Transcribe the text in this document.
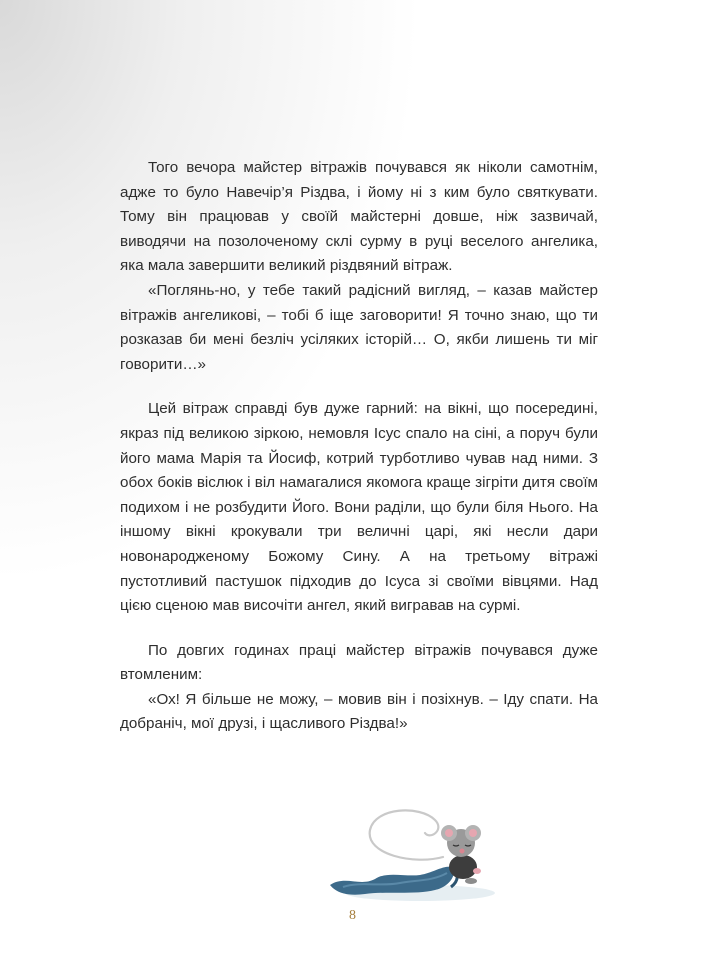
Того вечора майстер вітражів почувався як ніколи самотнім, адже то було Навечір’я Різдва, і йому ні з ким було святкувати. Тому він працював у своїй майстерні довше, ніж зазвичай, виводячи на позолоченому склі сурму в руці веселого ангелика, яка мала завершити великий різдвяний вітраж.

«Поглянь-но, у тебе такий радісний вигляд, – казав майстер вітражів ангеликові, – тобі б іще заговорити! Я точно знаю, що ти розказав би мені безліч усіляких історій… О, якби лишень ти міг говорити…»

Цей вітраж справді був дуже гарний: на вікні, що посередині, якраз під великою зіркою, немовля Ісус спало на сіні, а поруч були його мама Марія та Йосиф, котрий турботливо чував над ними. З обох боків віслюк і віл намагалися якомога краще зігріти дитя своїм подихом і не розбудити Його. Вони раділи, що були біля Нього. На іншому вікні крокували три величні царі, які несли дари новонародженому Божому Сину. А на третьому вітражі пустотливий пастушок підходив до Ісуса зі своїми вівцями. Над цією сценою мав височіти ангел, який вигравав на сурмі.

По довгих годинах праці майстер вітражів почувався дуже втомленим:

«Ох! Я більше не можу, – мовив він і позіхнув. – Іду спати. На добраніч, мої друзі, і щасливого Різдва!»

8
